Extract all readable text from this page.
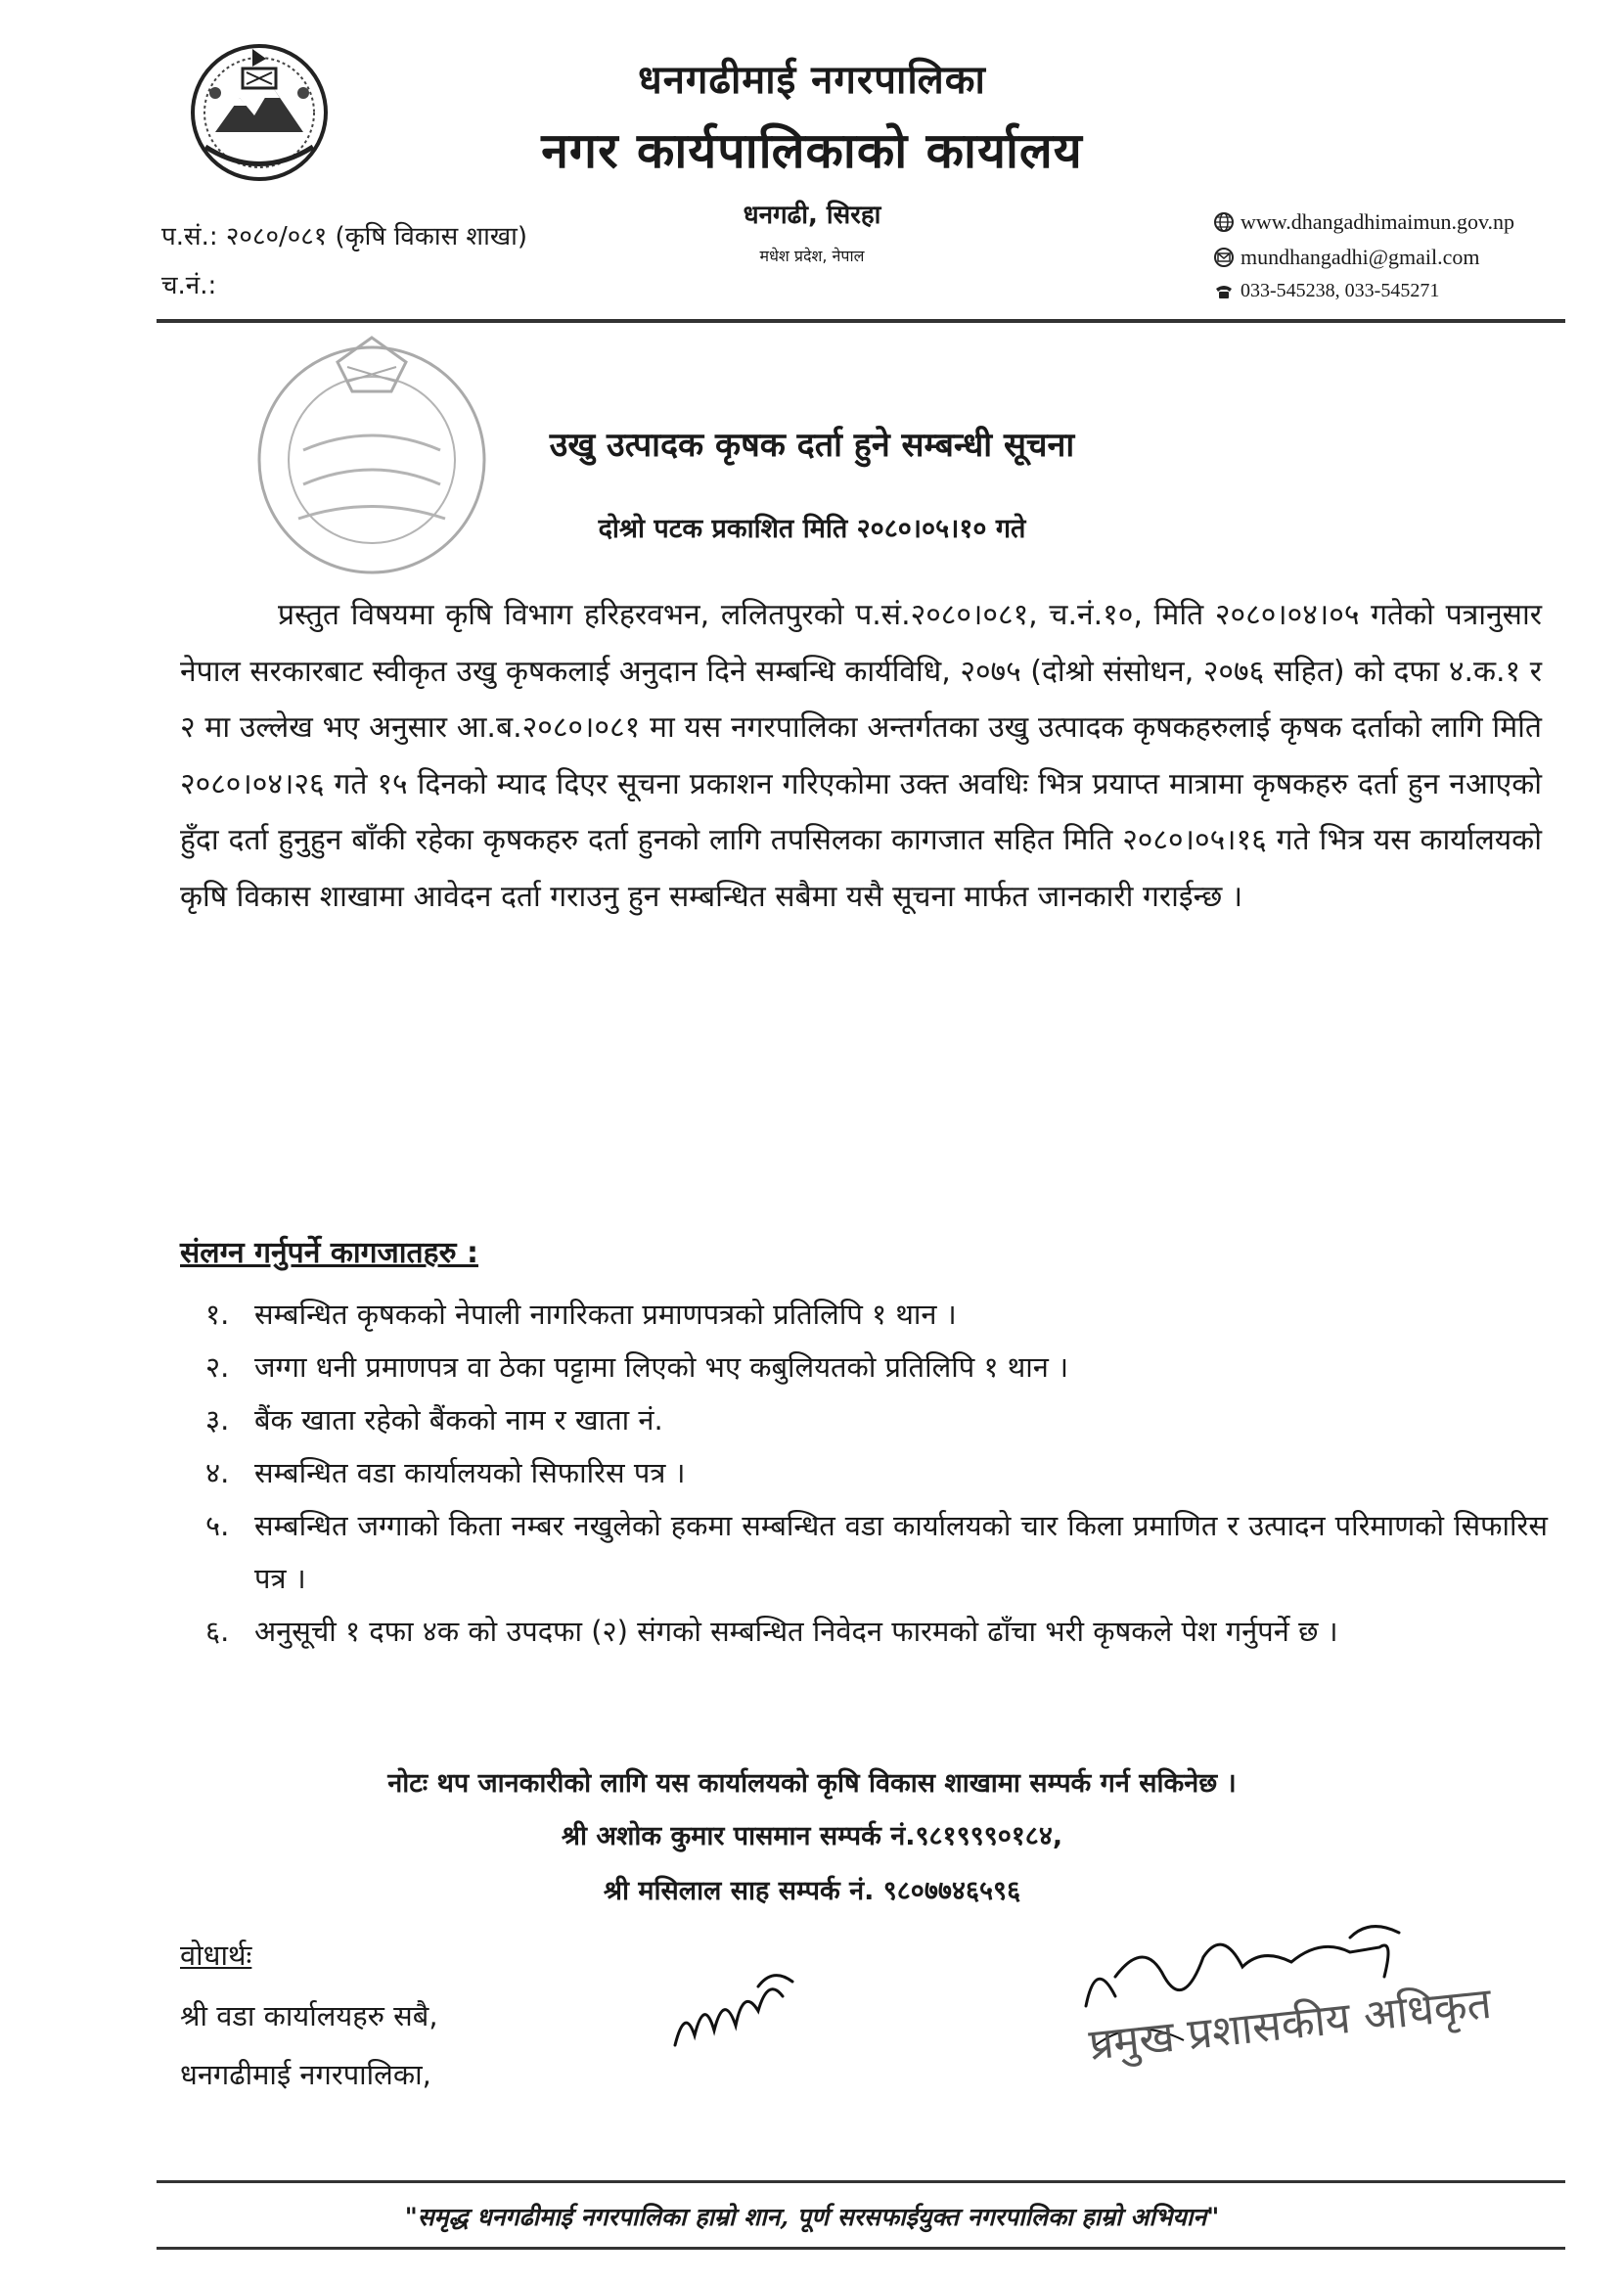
धनगढीमाई नगरपालिका
नगर कार्यपालिकाको कार्यालय
धनगढी, सिरहा
मधेश प्रदेश, नेपाल
प.सं.: २०८०/०८१ (कृषि विकास शाखा)
च.नं.:
www.dhangadhimaimun.gov.np
mundhangadhi@gmail.com
033-545238, 033-545271
उखु उत्पादक कृषक दर्ता हुने सम्बन्धी सूचना
दोश्रो पटक प्रकाशित मिति २०८०।०५।१० गते
प्रस्तुत विषयमा कृषि विभाग हरिहरवभन, ललितपुरको प.सं.२०८०।०८१, च.नं.१०, मिति २०८०।०४।०५ गतेको पत्रानुसार नेपाल सरकारबाट स्वीकृत उखु कृषकलाई अनुदान दिने सम्बन्धि कार्यविधि, २०७५ (दोश्रो संसोधन, २०७६ सहित) को दफा ४.क.१ र २ मा उल्लेख भए अनुसार आ.ब.२०८०।०८१ मा यस नगरपालिका अन्तर्गतका उखु उत्पादक कृषकहरुलाई कृषक दर्ताको लागि मिति २०८०।०४।२६ गते १५ दिनको म्याद दिएर सूचना प्रकाशन गरिएकोमा उक्त अवधिः भित्र प्रयाप्त मात्रामा कृषकहरु दर्ता हुन नआएको हुँदा दर्ता हुनुहुन बाँकी रहेका कृषकहरु दर्ता हुनको लागि तपसिलका कागजात सहित मिति २०८०।०५।१६ गते भित्र यस कार्यालयको कृषि विकास शाखामा आवेदन दर्ता गराउनु हुन सम्बन्धित सबैमा यसै सूचना मार्फत जानकारी गराईन्छ ।
संलग्न गर्नुपर्ने कागजातहरु :
१. सम्बन्धित कृषकको नेपाली नागरिकता प्रमाणपत्रको प्रतिलिपि १ थान ।
२. जग्गा धनी प्रमाणपत्र वा ठेका पट्टामा लिएको भए कबुलियतको प्रतिलिपि १ थान ।
३. बैंक खाता रहेको बैंकको नाम र खाता नं.
४. सम्बन्धित वडा कार्यालयको सिफारिस पत्र ।
५. सम्बन्धित जग्गाको किता नम्बर नखुलेको हकमा सम्बन्धित वडा कार्यालयको चार किला प्रमाणित र उत्पादन परिमाणको सिफारिस पत्र ।
६. अनुसूची १ दफा ४क को उपदफा (२) संगको सम्बन्धित निवेदन फारमको ढाँचा भरी कृषकले पेश गर्नुपर्ने छ ।
नोटः थप जानकारीको लागि यस कार्यालयको कृषि विकास शाखामा सम्पर्क गर्न सकिनेछ ।
श्री अशोक कुमार पासमान सम्पर्क नं.९८१९९९०१८४,
श्री मसिलाल साह सम्पर्क नं. ९८०७७४६५९६
वोधार्थः
श्री वडा कार्यालयहरु सबै,
धनगढीमाई नगरपालिका,
प्रमुख प्रशासकीय अधिकृत
"समृद्ध धनगढीमाई नगरपालिका हाम्रो शान, पूर्ण सरसफाईयुक्त नगरपालिका हाम्रो अभियान"
